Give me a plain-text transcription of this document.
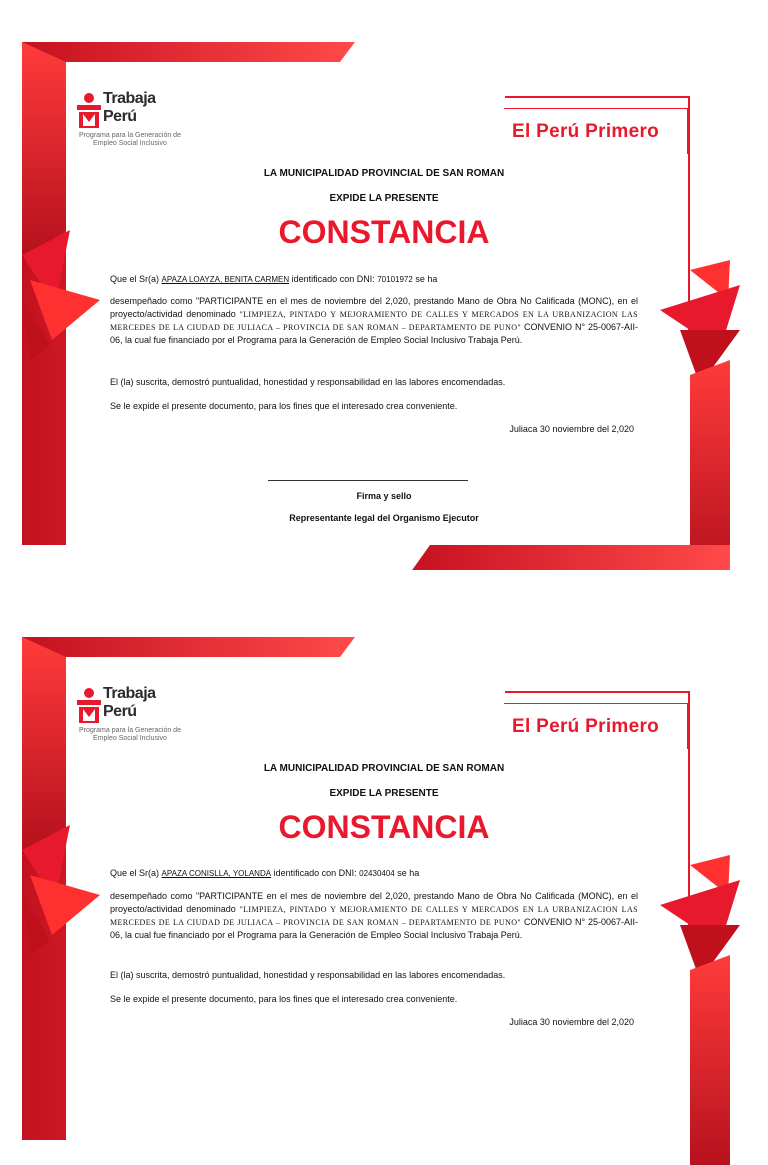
Trabaja
Perú
Programa para la Generación de Empleo Social Inclusivo
El Perú Primero
LA MUNICIPALIDAD PROVINCIAL DE SAN ROMAN
EXPIDE LA PRESENTE
CONSTANCIA
Que el Sr(a) APAZA LOAYZA, BENITA CARMEN identificado con DNI: 70101972 se ha
desempeñado como "PARTICIPANTE en el mes de noviembre del 2,020, prestando Mano de Obra No Calificada (MONC), en el proyecto/actividad denominado "LIMPIEZA, PINTADO Y MEJORAMIENTO DE CALLES Y MERCADOS EN LA URBANIZACION LAS MERCEDES DE LA CIUDAD DE JULIACA – PROVINCIA DE SAN ROMAN – DEPARTAMENTO DE PUNO" CONVENIO N° 25-0067-AII-06, la cual fue financiado por el Programa para la Generación de Empleo Social Inclusivo Trabaja Perú.
El (la) suscrita, demostró puntualidad, honestidad y responsabilidad en las labores encomendadas.
Se le expide el presente documento, para los fines que el interesado crea conveniente.
Juliaca 30 noviembre del 2,020
Firma y sello
Representante legal del Organismo Ejecutor
Trabaja
Perú
Programa para la Generación de Empleo Social Inclusivo
El Perú Primero
LA MUNICIPALIDAD PROVINCIAL DE SAN ROMAN
EXPIDE LA PRESENTE
CONSTANCIA
Que el Sr(a) APAZA CONISLLA, YOLANDA identificado con DNI: 02430404 se ha
desempeñado como "PARTICIPANTE en el mes de noviembre del 2,020, prestando Mano de Obra No Calificada (MONC), en el proyecto/actividad denominado "LIMPIEZA, PINTADO Y MEJORAMIENTO DE CALLES Y MERCADOS EN LA URBANIZACION LAS MERCEDES DE LA CIUDAD DE JULIACA – PROVINCIA DE SAN ROMAN – DEPARTAMENTO DE PUNO" CONVENIO N° 25-0067-AII-06, la cual fue financiado por el Programa para la Generación de Empleo Social Inclusivo Trabaja Perú.
El (la) suscrita, demostró puntualidad, honestidad y responsabilidad en las labores encomendadas.
Se le expide el presente documento, para los fines que el interesado crea conveniente.
Juliaca 30 noviembre del 2,020
